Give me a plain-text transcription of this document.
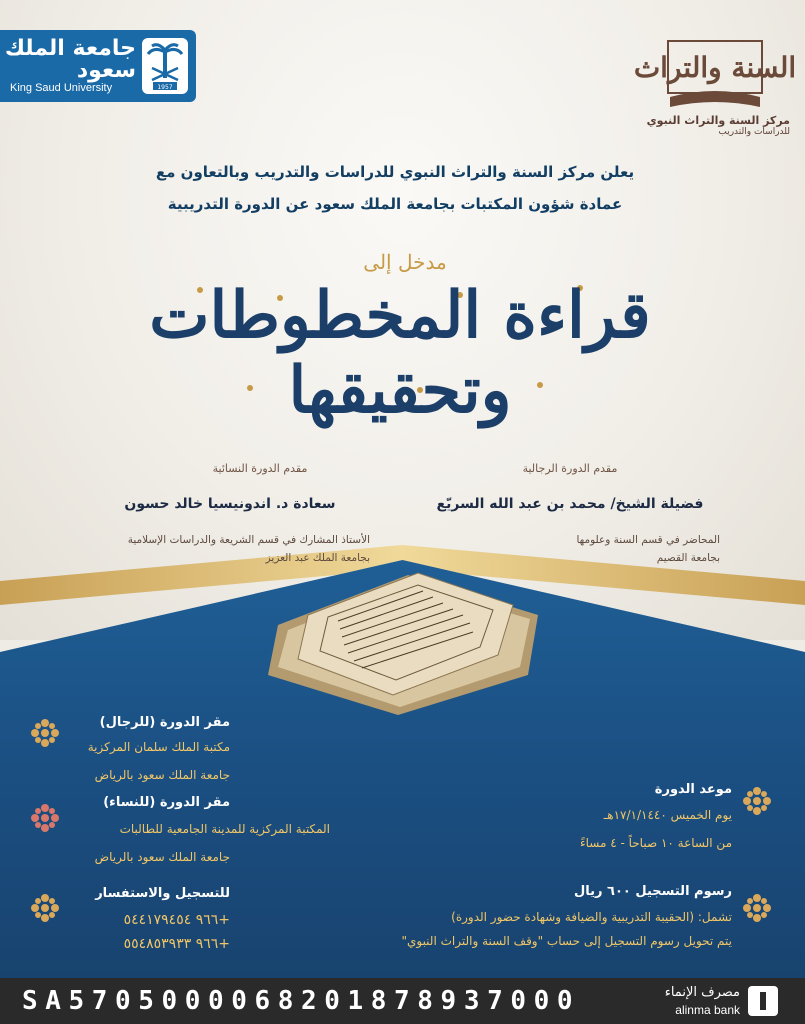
جامعة الملك سعود
King Saud University	1957
السنة والتراث
مركز السنة والتراث النبوي
للدراسات والتدريب
يعلن مركز السنة والتراث النبوي للدراسات والتدريب وبالتعاون مع
عمادة شؤون المكتبات بجامعة الملك سعود عن الدورة التدريبية
مدخل إلى
قراءة المخطوطات وتحقيقها
مقدم الدورة الرجالية
فضيلة الشيخ/ محمد بن عبد الله السريّع
المحاضر في قسم السنة وعلومها
بجامعة القصيم
مقدم الدورة النسائية
سعادة د. اندونيسيا خالد حسون
الأستاذ المشارك في قسم الشريعة والدراسات الإسلامية
بجامعة الملك عبد العزيز
مقر الدورة (للرجال)
مكتبة الملك سلمان المركزية
جامعة الملك سعود بالرياض
مقر الدورة (للنساء)
المكتبة المركزية للمدينة الجامعية للطالبات
جامعة الملك سعود بالرياض
للتسجيل والاستفسار
+٩٦٦ ٥٤٤١٧٩٤٥٤
+٩٦٦ ٥٥٤٨٥٣٩٣٣
موعد الدورة
يوم الخميس ١٧/١/١٤٤٠هـ
من الساعة ١٠ صباحاً - ٤ مساءً
رسوم التسجيل ٦٠٠ ريال
تشمل: (الحقيبة التدريبية والضيافة وشهادة حضور الدورة)
يتم تحويل رسوم التسجيل إلى حساب "وقف السنة والتراث النبوي"
SA5705000068201878937000	مصرف الإنماء
alinma bank
